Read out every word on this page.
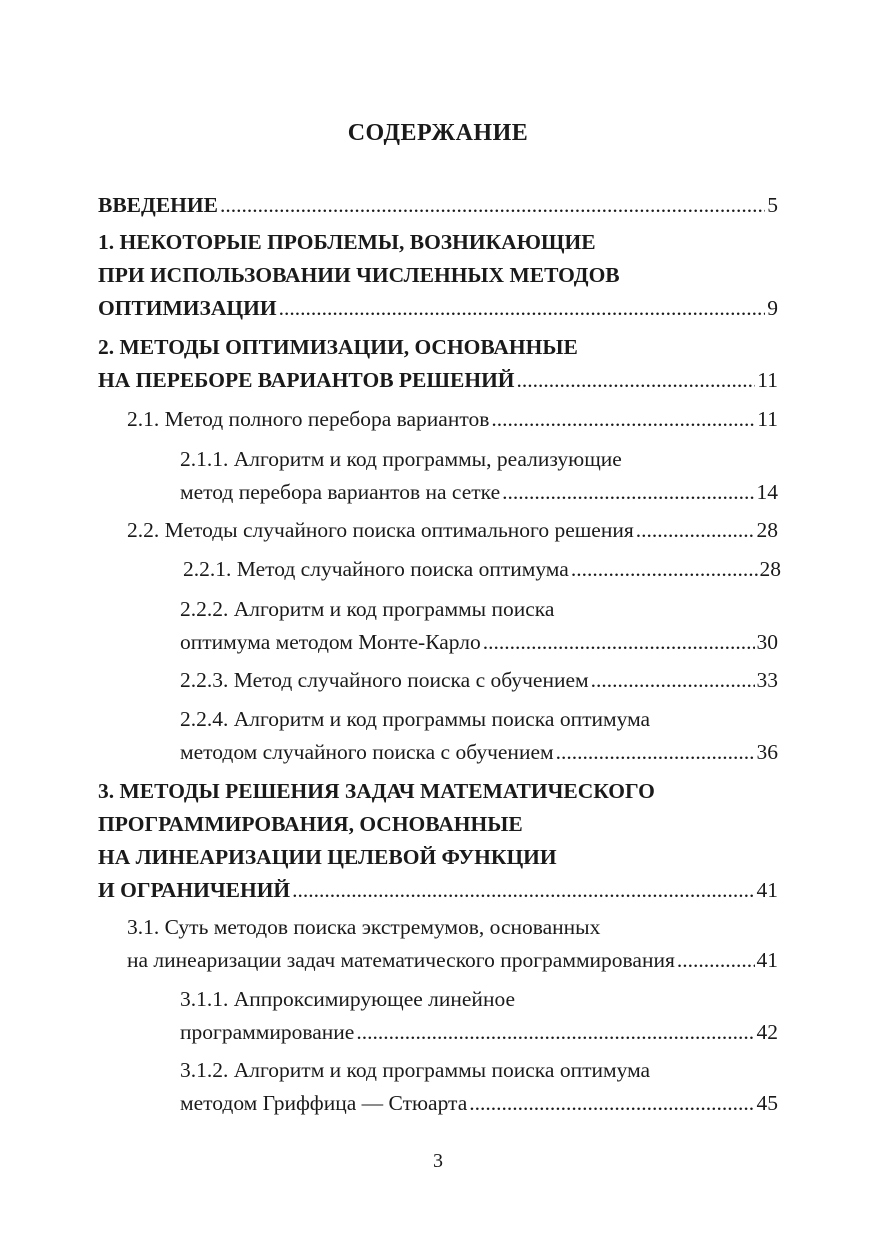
СОДЕРЖАНИЕ
ВВЕДЕНИЕ .....	5
1. НЕКОТОРЫЕ ПРОБЛЕМЫ, ВОЗНИКАЮЩИЕ
ПРИ ИСПОЛЬЗОВАНИИ ЧИСЛЕННЫХ МЕТОДОВ
ОПТИМИЗАЦИИ .....	9
2. МЕТОДЫ ОПТИМИЗАЦИИ, ОСНОВАННЫЕ
НА ПЕРЕБОРЕ ВАРИАНТОВ РЕШЕНИЙ .....	11
2.1. Метод полного перебора вариантов .....	11
2.1.1. Алгоритм и код программы, реализующие
метод перебора вариантов на сетке .....	14
2.2. Методы случайного поиска оптимального решения .....	28
2.2.1. Метод случайного поиска оптимума .....	28
2.2.2. Алгоритм и код программы поиска
оптимума методом Монте-Карло .....	30
2.2.3. Метод случайного поиска с обучением .....	33
2.2.4. Алгоритм и код программы поиска оптимума
методом случайного поиска с обучением .....	36
3. МЕТОДЫ РЕШЕНИЯ ЗАДАЧ МАТЕМАТИЧЕСКОГО
ПРОГРАММИРОВАНИЯ, ОСНОВАННЫЕ
НА ЛИНЕАРИЗАЦИИ ЦЕЛЕВОЙ ФУНКЦИИ
И ОГРАНИЧЕНИЙ .....	41
3.1. Суть методов поиска экстремумов, основанных
на линеаризации задач математического программирования .....	41
3.1.1. Аппроксимирующее линейное
программирование .....	42
3.1.2. Алгоритм и код программы поиска оптимума
методом Гриффица — Стюарта .....	45
3
